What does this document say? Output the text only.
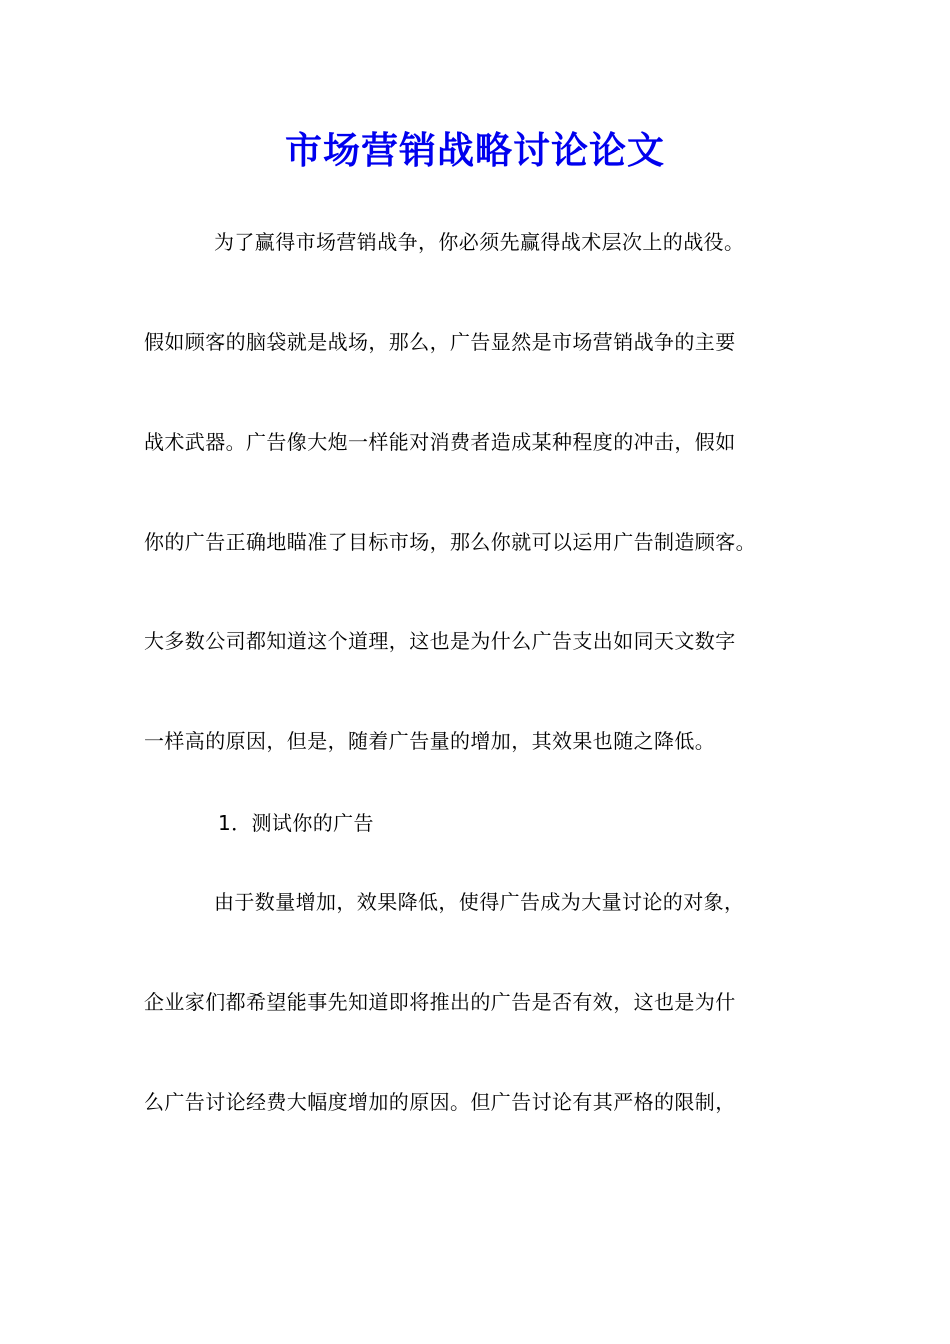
市场营销战略讨论论文
为了赢得市场营销战争，你必须先赢得战术层次上的战役。
假如顾客的脑袋就是战场，那么，广告显然是市场营销战争的主要
战术武器。广告像大炮一样能对消费者造成某种程度的冲击，假如
你的广告正确地瞄准了目标市场，那么你就可以运用广告制造顾客。
大多数公司都知道这个道理，这也是为什么广告支出如同天文数字
一样高的原因，但是，随着广告量的增加，其效果也随之降低。
1．测试你的广告
由于数量增加，效果降低，使得广告成为大量讨论的对象，
企业家们都希望能事先知道即将推出的广告是否有效，这也是为什
么广告讨论经费大幅度增加的原因。但广告讨论有其严格的限制，
